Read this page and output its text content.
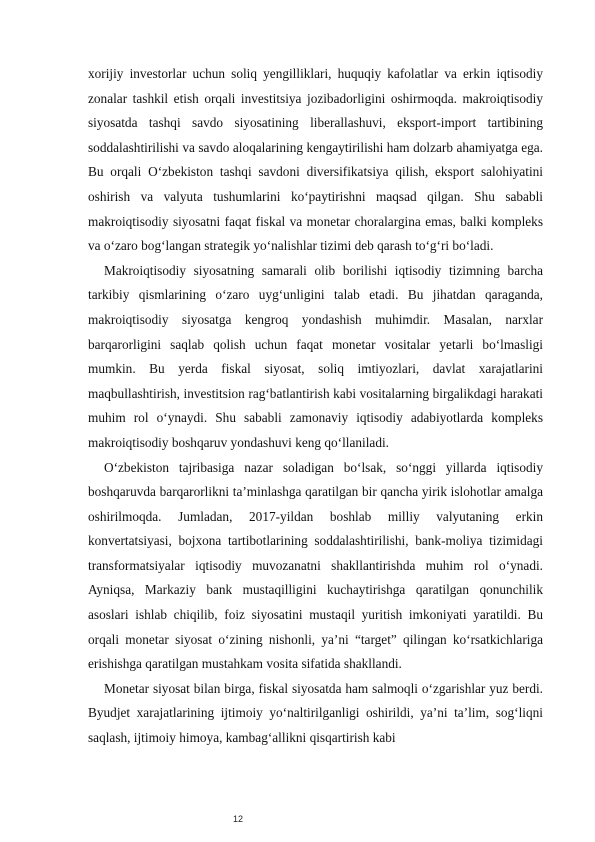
xorijiy investorlar uchun soliq yengilliklari, huquqiy kafolatlar va erkin iqtisodiy zonalar tashkil etish orqali investitsiya jozibadorligini oshirmoqda. makroiqtisodiy siyosatda tashqi savdo siyosatining liberallashuvi, eksport-import tartibining soddalashtirilishi va savdo aloqalarining kengaytirilishi ham dolzarb ahamiyatga ega. Bu orqali O‘zbekiston tashqi savdoni diversifikatsiya qilish, eksport salohiyatini oshirish va valyuta tushumlarini ko‘paytirishni maqsad qilgan. Shu sababli makroiqtisodiy siyosatni faqat fiskal va monetar choralargina emas, balki kompleks va o‘zaro bog‘langan strategik yo‘nalishlar tizimi deb qarash to‘g‘ri bo‘ladi.

Makroiqtisodiy siyosatning samarali olib borilishi iqtisodiy tizimning barcha tarkibiy qismlarining o‘zaro uyg‘unligini talab etadi. Bu jihatdan qaraganda, makroiqtisodiy siyosatga kengroq yondashish muhimdir. Masalan, narxlar barqarorligini saqlab qolish uchun faqat monetar vositalar yetarli bo‘lmasligi mumkin. Bu yerda fiskal siyosat, soliq imtiyozlari, davlat xarajatlarini maqbullashtirish, investitsion rag‘batlantirish kabi vositalarning birgalikdagi harakati muhim rol o‘ynaydi. Shu sababli zamonaviy iqtisodiy adabiyotlarda kompleks makroiqtisodiy boshqaruv yondashuvi keng qo‘llaniladi.

O‘zbekiston tajribasiga nazar soladigan bo‘lsak, so‘nggi yillarda iqtisodiy boshqaruvda barqarorlikni ta’minlashga qaratilgan bir qancha yirik islohotlar amalga oshirilmoqda. Jumladan, 2017-yildan boshlab milliy valyutaning erkin konvertatsiyasi, bojxona tartibotlarining soddalashtirilishi, bank-moliya tizimidagi transformatsiyalar iqtisodiy muvozanatni shakllantirishda muhim rol o‘ynadi. Ayniqsa, Markaziy bank mustaqilligini kuchaytirishga qaratilgan qonunchilik asoslari ishlab chiqilib, foiz siyosatini mustaqil yuritish imkoniyati yaratildi. Bu orqali monetar siyosat o‘zining nishonli, ya’ni “target” qilingan ko‘rsatkichlariga erishishga qaratilgan mustahkam vosita sifatida shakllandi.

Monetar siyosat bilan birga, fiskal siyosatda ham salmoqli o‘zgarishlar yuz berdi. Byudjet xarajatlarining ijtimoiy yo‘naltirilganligi oshirildi, ya’ni ta’lim, sog‘liqni saqlash, ijtimoiy himoya, kambag‘allikni qisqartirish kabi

12
